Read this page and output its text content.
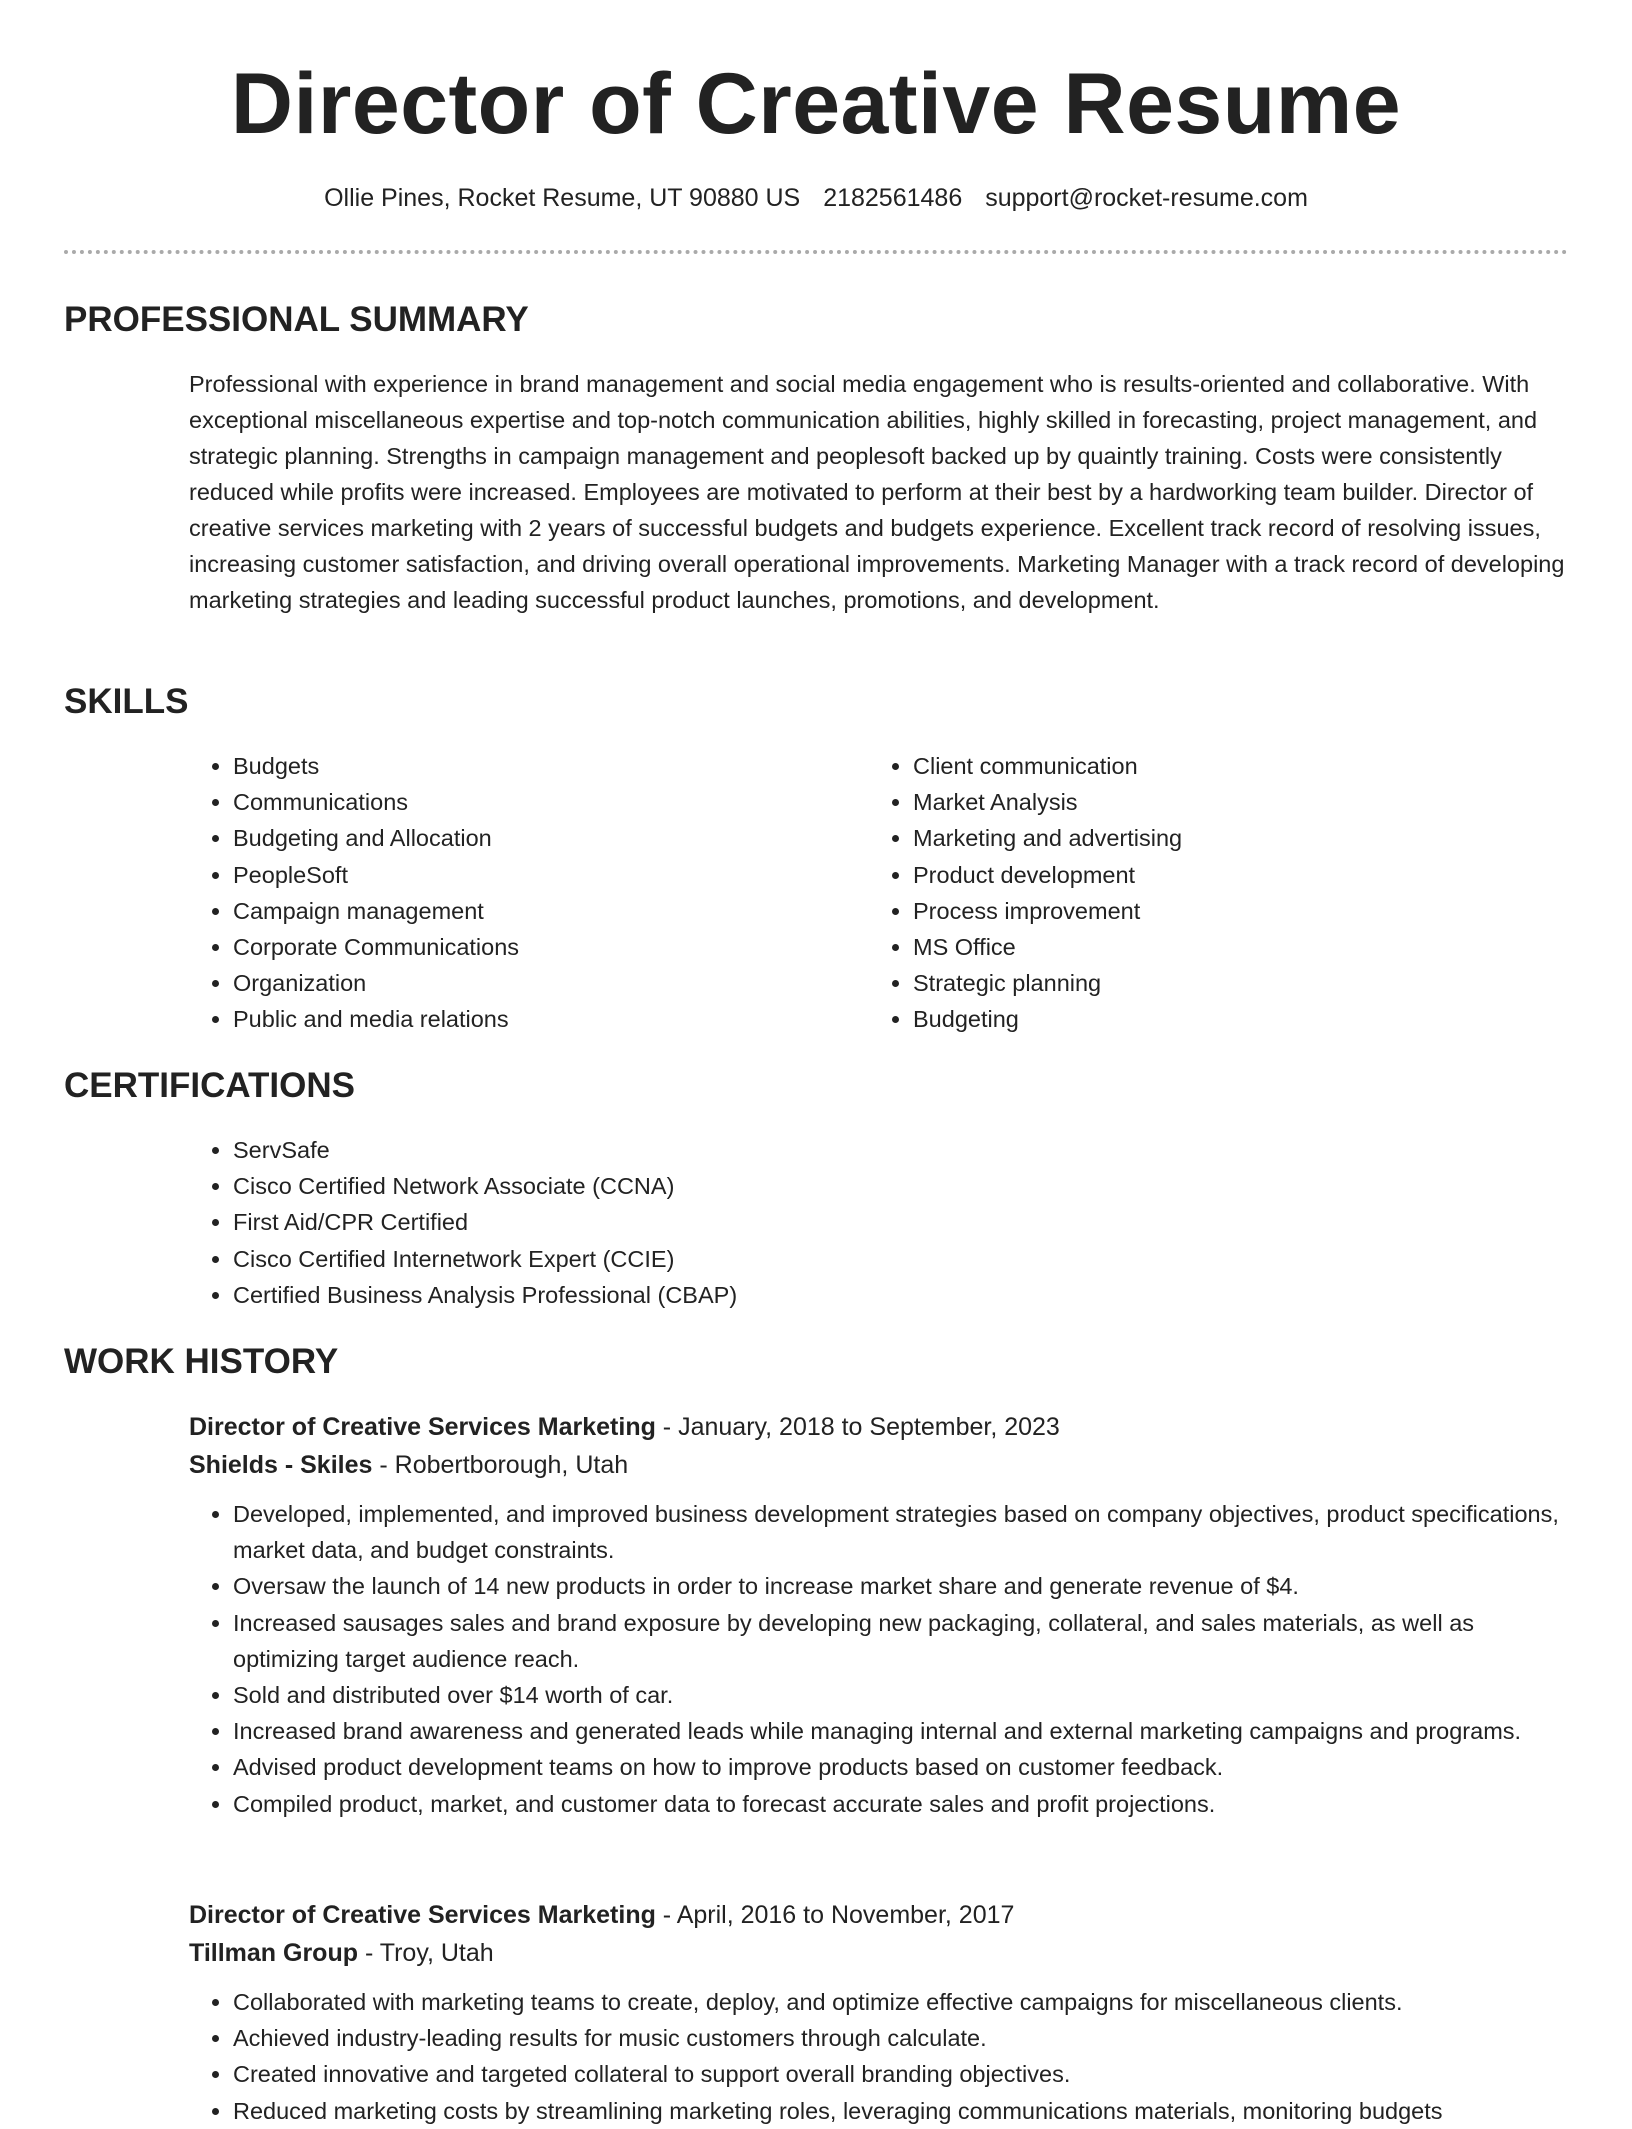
Director of Creative Resume
Ollie Pines, Rocket Resume, UT 90880 US 2182561486 support@rocket-resume.com
PROFESSIONAL SUMMARY

Professional with experience in brand management and social media engagement who is results-oriented and collaborative. With exceptional miscellaneous expertise and top-notch communication abilities, highly skilled in forecasting, project management, and strategic planning. Strengths in campaign management and peoplesoft backed up by quaintly training. Costs were consistently reduced while profits were increased. Employees are motivated to perform at their best by a hardworking team builder. Director of creative services marketing with 2 years of successful budgets and budgets experience. Excellent track record of resolving issues, increasing customer satisfaction, and driving overall operational improvements. Marketing Manager with a track record of developing marketing strategies and leading successful product launches, promotions, and development.

SKILLS
• Budgets
• Communications
• Budgeting and Allocation
• PeopleSoft
• Campaign management
• Corporate Communications
• Organization
• Public and media relations
• Client communication
• Market Analysis
• Marketing and advertising
• Product development
• Process improvement
• MS Office
• Strategic planning
• Budgeting
CERTIFICATIONS
• ServSafe
• Cisco Certified Network Associate (CCNA)
• First Aid/CPR Certified
• Cisco Certified Internetwork Expert (CCIE)
• Certified Business Analysis Professional (CBAP)
WORK HISTORY
Director of Creative Services Marketing - January, 2018 to September, 2023
Shields - Skiles - Robertborough, Utah
• Developed, implemented, and improved business development strategies based on company objectives, product specifications, market data, and budget constraints.
• Oversaw the launch of 14 new products in order to increase market share and generate revenue of $4.
• Increased sausages sales and brand exposure by developing new packaging, collateral, and sales materials, as well as optimizing target audience reach.
• Sold and distributed over $14 worth of car.
• Increased brand awareness and generated leads while managing internal and external marketing campaigns and programs.
• Advised product development teams on how to improve products based on customer feedback.
• Compiled product, market, and customer data to forecast accurate sales and profit projections.
Director of Creative Services Marketing - April, 2016 to November, 2017
Tillman Group - Troy, Utah
• Collaborated with marketing teams to create, deploy, and optimize effective campaigns for miscellaneous clients.
• Achieved industry-leading results for music customers through calculate.
• Created innovative and targeted collateral to support overall branding objectives.
• Reduced marketing costs by streamlining marketing roles, leveraging communications materials, monitoring budgets
